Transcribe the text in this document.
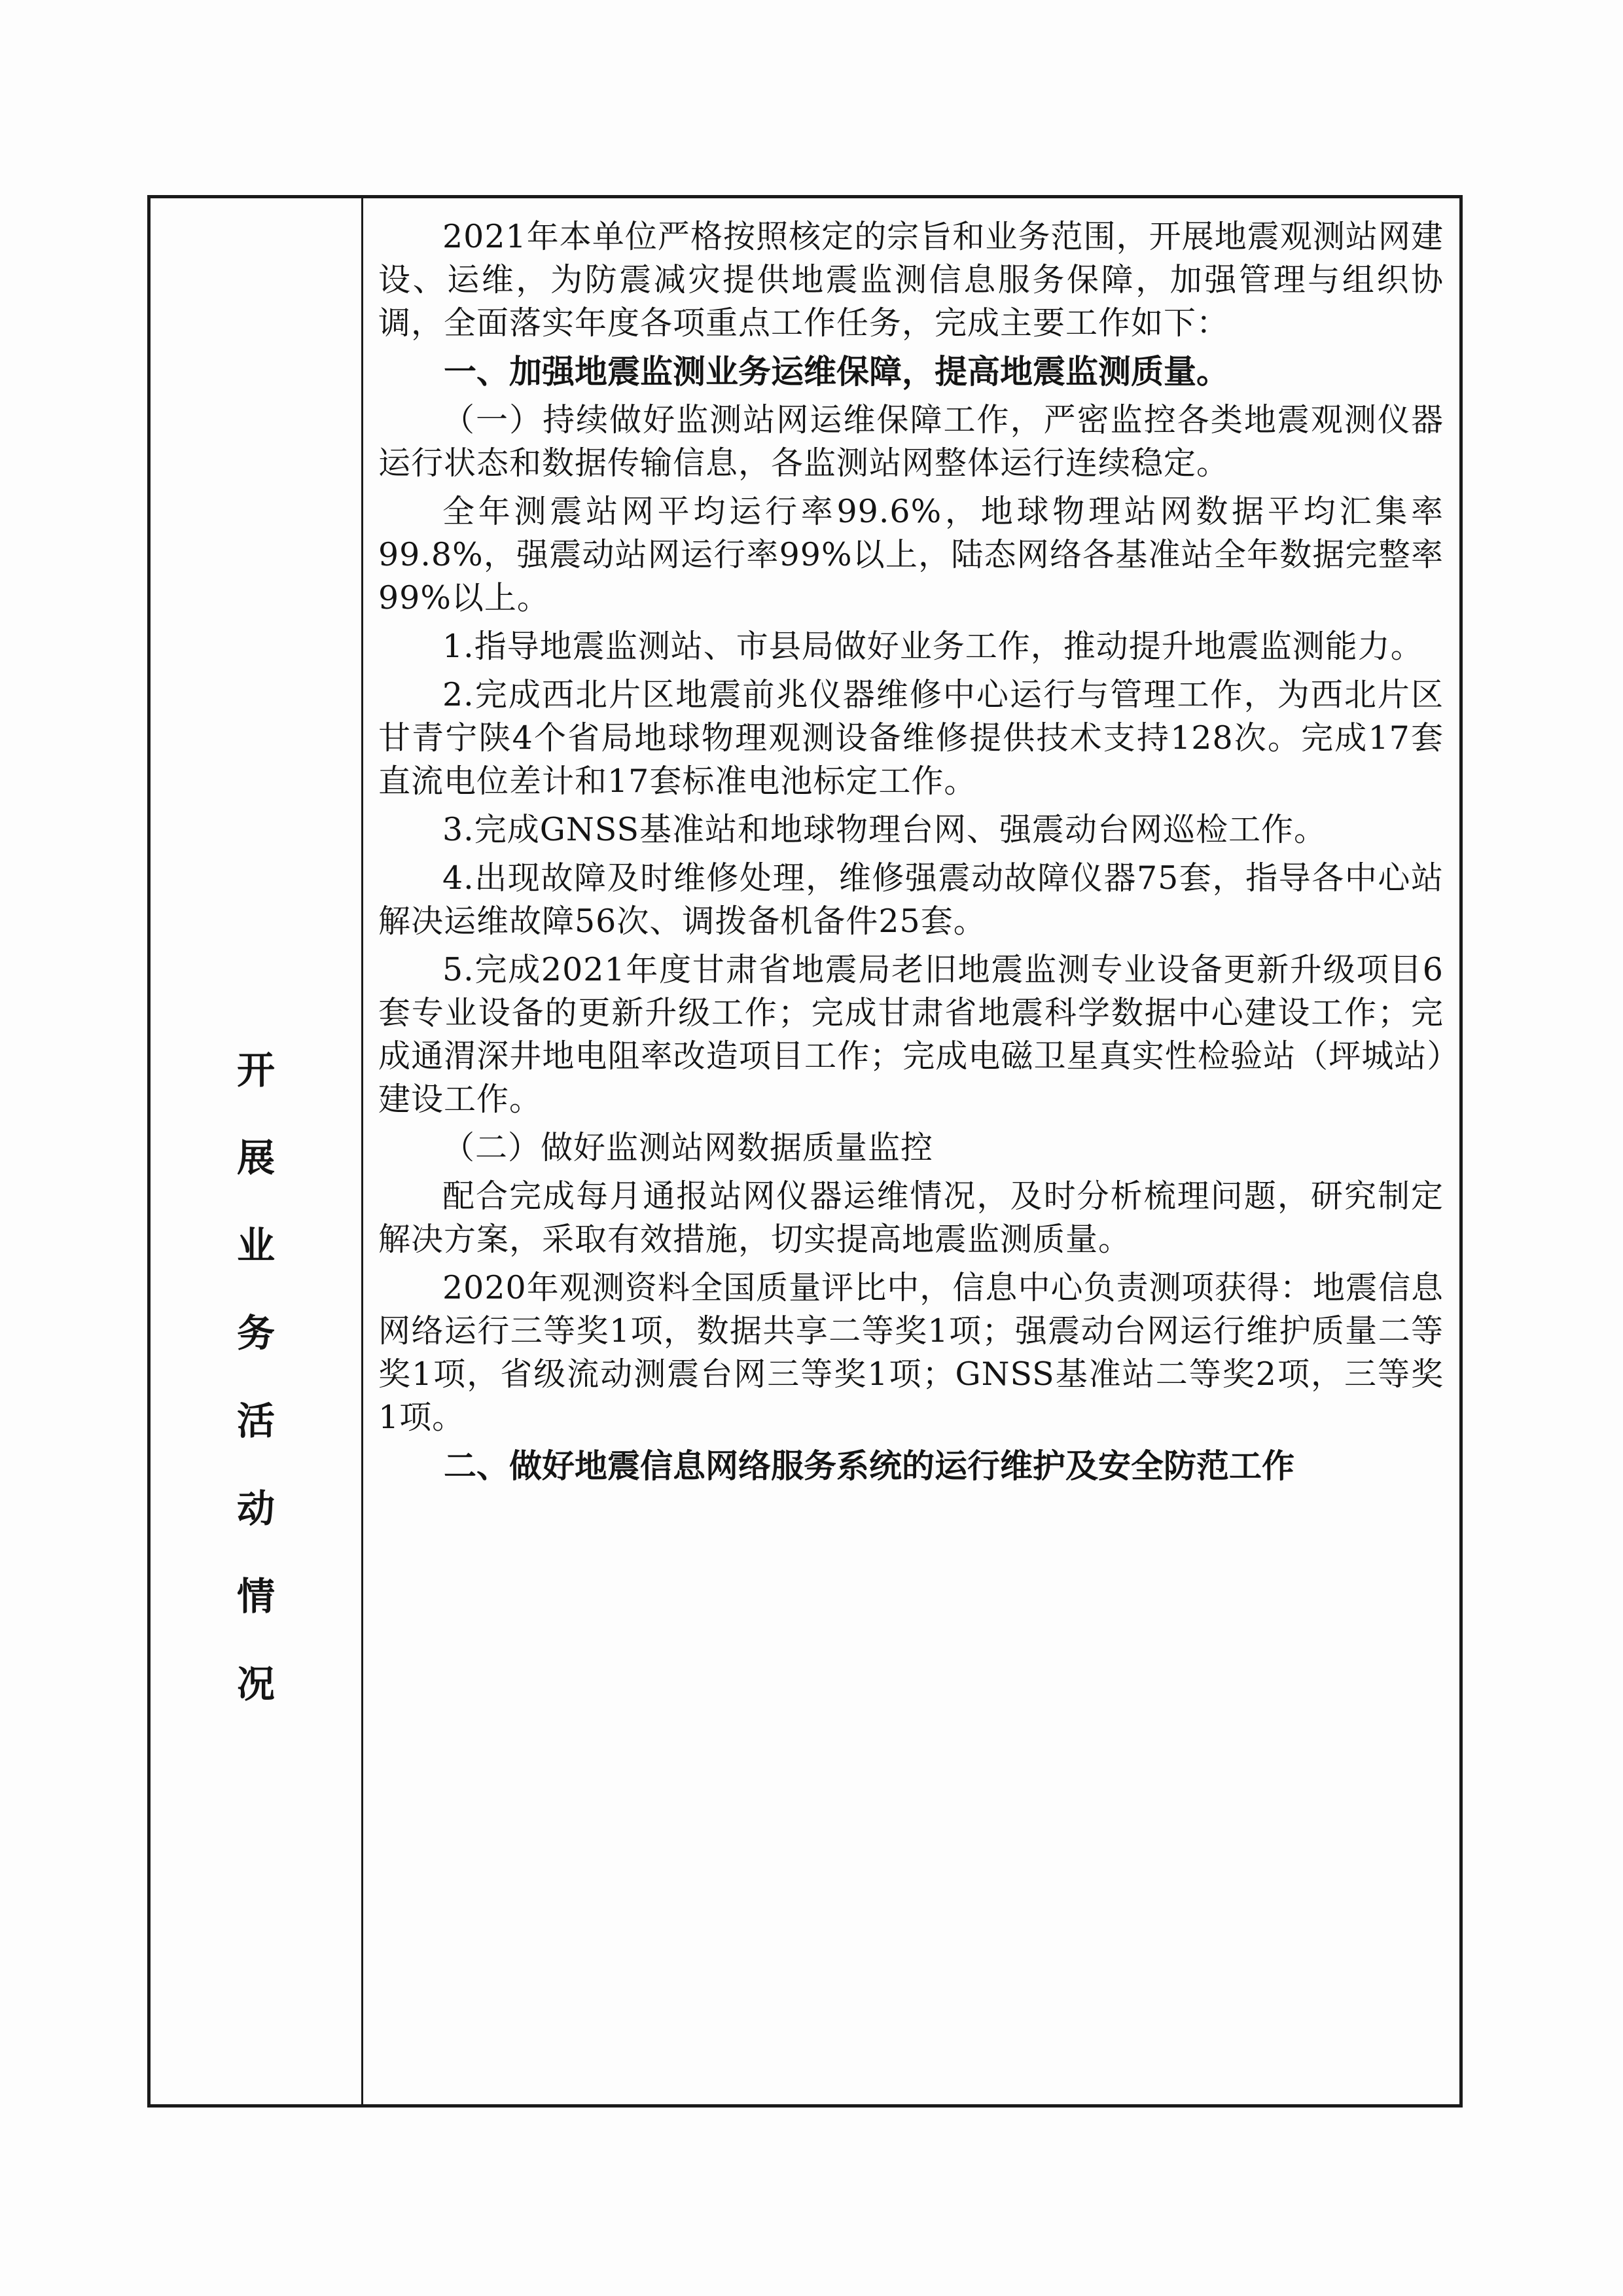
开
展
业
务
活
动
情
况

2021年本单位严格按照核定的宗旨和业务范围，开展地震观测站网建设、运维，为防震减灾提供地震监测信息服务保障，加强管理与组织协调，全面落实年度各项重点工作任务，完成主要工作如下：

一、加强地震监测业务运维保障，提高地震监测质量。

（一）持续做好监测站网运维保障工作，严密监控各类地震观测仪器运行状态和数据传输信息，各监测站网整体运行连续稳定。

全年测震站网平均运行率99.6%，地球物理站网数据平均汇集率99.8%，强震动站网运行率99%以上，陆态网络各基准站全年数据完整率99%以上。

1.指导地震监测站、市县局做好业务工作，推动提升地震监测能力。

2.完成西北片区地震前兆仪器维修中心运行与管理工作，为西北片区甘青宁陕4个省局地球物理观测设备维修提供技术支持128次。完成17套直流电位差计和17套标准电池标定工作。

3.完成GNSS基准站和地球物理台网、强震动台网巡检工作。

4.出现故障及时维修处理，维修强震动故障仪器75套，指导各中心站解决运维故障56次、调拨备机备件25套。

5.完成2021年度甘肃省地震局老旧地震监测专业设备更新升级项目6套专业设备的更新升级工作；完成甘肃省地震科学数据中心建设工作；完成通渭深井地电阻率改造项目工作；完成电磁卫星真实性检验站（坪城站）建设工作。

（二）做好监测站网数据质量监控

配合完成每月通报站网仪器运维情况，及时分析梳理问题，研究制定解决方案，采取有效措施，切实提高地震监测质量。

2020年观测资料全国质量评比中，信息中心负责测项获得：地震信息网络运行三等奖1项，数据共享二等奖1项；强震动台网运行维护质量二等奖1项，省级流动测震台网三等奖1项；GNSS基准站二等奖2项，三等奖1项。

二、做好地震信息网络服务系统的运行维护及安全防范工作
